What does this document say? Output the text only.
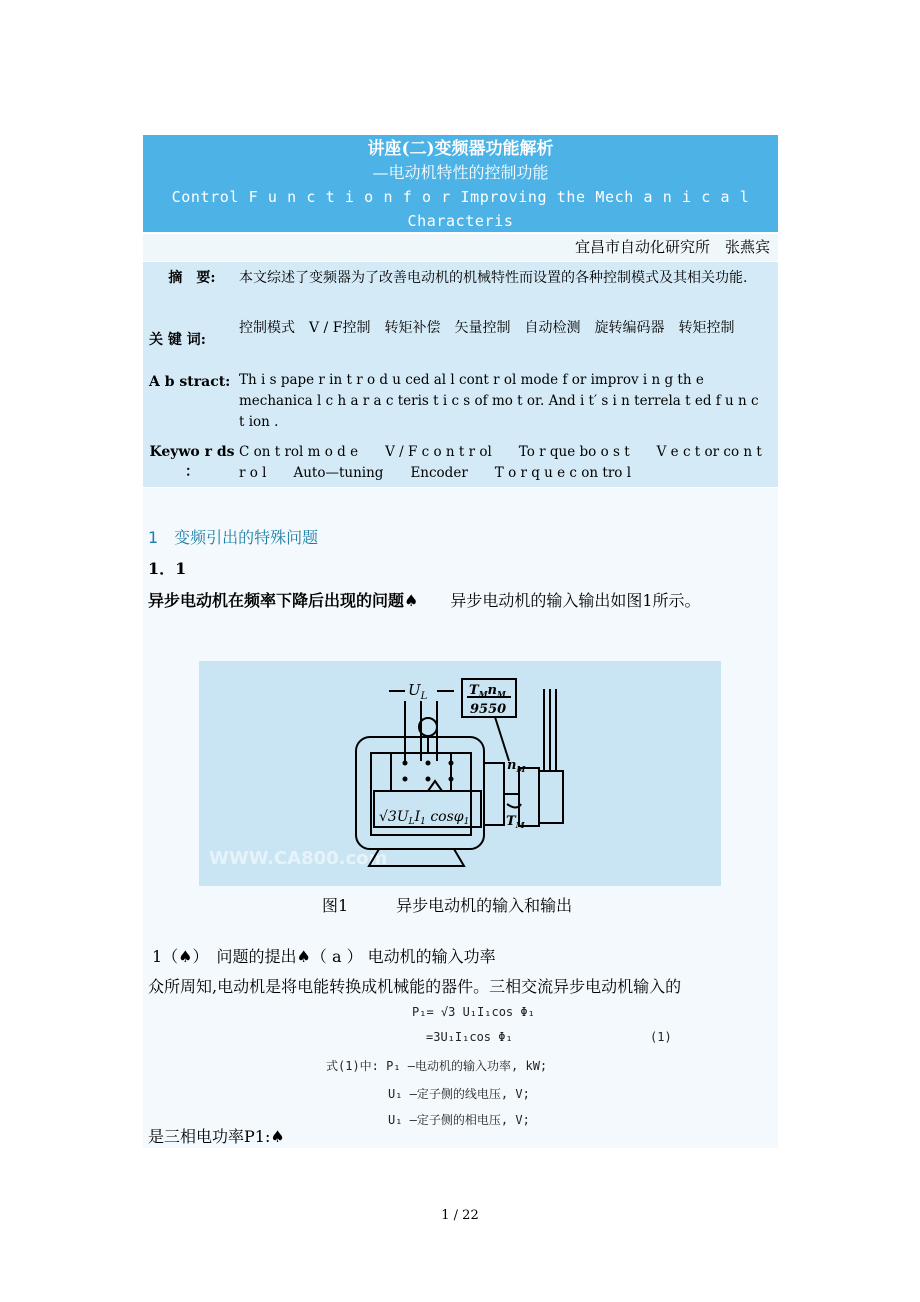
讲座(二)变频器功能解析
—电动机特性的控制功能
Control F u n c t i o n f o r Improving the Mech a n i c a l Characteris
宜昌市自动化研究所　张燕宾
摘　要:	本文综述了变频器为了改善电动机的机械特性而设置的各种控制模式及其相关功能.
关 键 词:
控制模式　V / F控制　转矩补偿　矢量控制　自动检测　旋转编码器　转矩控制
A b stract: Th i s pape r in t r o d u ced al l cont r ol mode f or improv i n g th e mechanica l c h a r a c teris t i c s of mo t or. And i t′ s i n terrela t ed f u n c t ion .
Keywo r ds ：
C on t rol m o d e　　V / F c o n t r ol　　To r que bo o s t　　V e c t or co n t r o l　　Auto—tuning　　Encoder　　T o r q u e c on tro l
1　变频引出的特殊问题
1．1
异步电动机在频率下降后出现的问题♠　　异步电动机的输入输出如图1所示。
WWW.CA800.com
$U_L$	$T_Mn_M$
9550
$n_M$
$T_M$
$√3U_LI_1$ cosφ$_1$
图1　　　异步电动机的输入和输出
1（♠）　问题的提出♠（ a ） 电动机的输入功率
众所周知,电动机是将电能转换成机械能的器件。三相交流异步电动机输入的
P₁= √3 U₁I₁cos Φ₁
=3U₁I₁cos Φ₁	(1)
式(1)中: P₁ —电动机的输入功率, kW;
U₁ —定子侧的线电压, V;
U₁ —定子侧的相电压, V;
是三相电功率P1:♠
1 / 22
